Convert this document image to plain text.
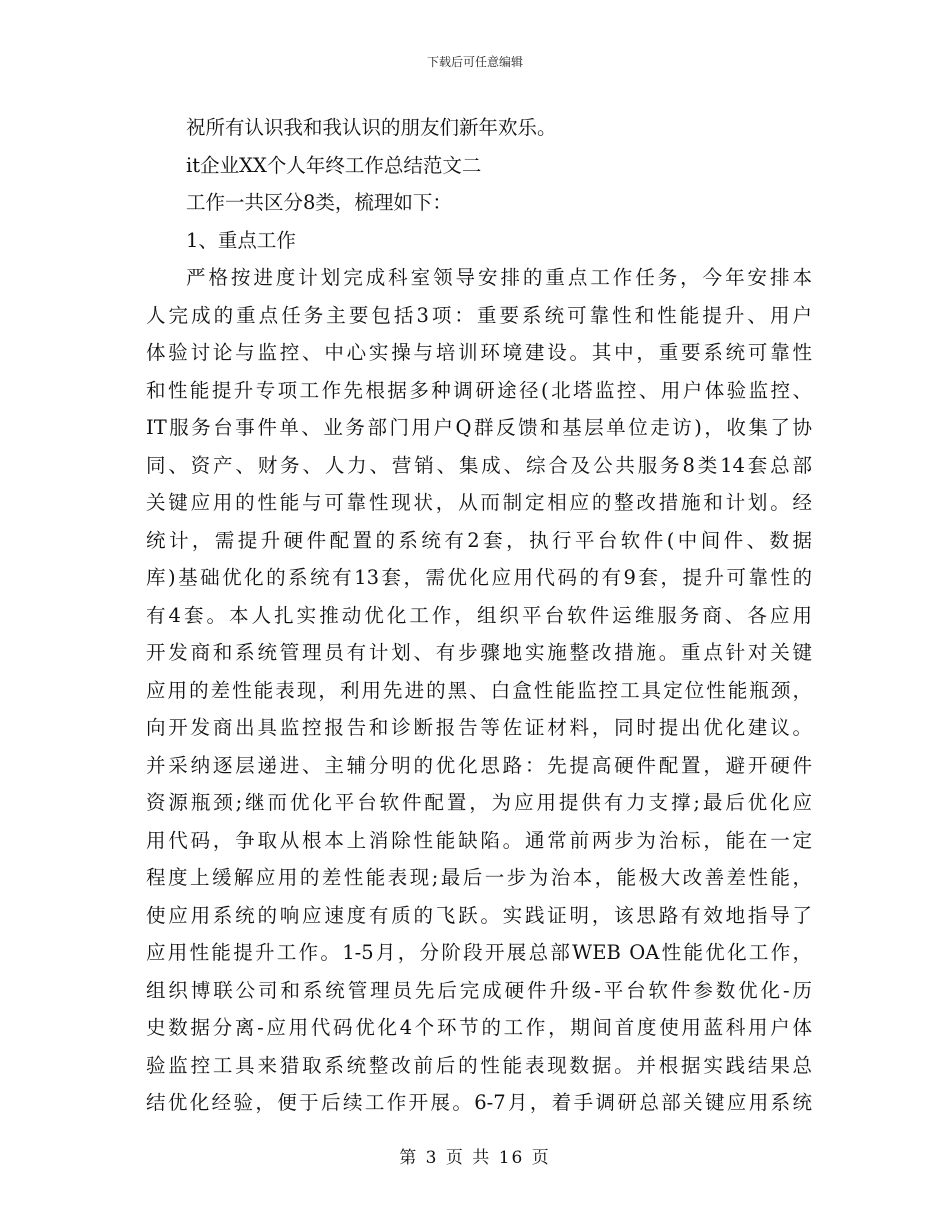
下载后可任意编辑
祝所有认识我和我认识的朋友们新年欢乐。
it企业XX个人年终工作总结范文二
工作一共区分8类，梳理如下：
1、重点工作
严格按进度计划完成科室领导安排的重点工作任务，今年安排本
人完成的重点任务主要包括3项：重要系统可靠性和性能提升、用户
体验讨论与监控、中心实操与培训环境建设。其中，重要系统可靠性
和性能提升专项工作先根据多种调研途径(北塔监控、用户体验监控、
IT服务台事件单、业务部门用户Q群反馈和基层单位走访)，收集了协
同、资产、财务、人力、营销、集成、综合及公共服务8类14套总部
关键应用的性能与可靠性现状，从而制定相应的整改措施和计划。经
统计，需提升硬件配置的系统有2套，执行平台软件(中间件、数据
库)基础优化的系统有13套，需优化应用代码的有9套，提升可靠性的
有4套。本人扎实推动优化工作，组织平台软件运维服务商、各应用
开发商和系统管理员有计划、有步骤地实施整改措施。重点针对关键
应用的差性能表现，利用先进的黑、白盒性能监控工具定位性能瓶颈，
向开发商出具监控报告和诊断报告等佐证材料，同时提出优化建议。
并采纳逐层递进、主辅分明的优化思路：先提高硬件配置，避开硬件
资源瓶颈;继而优化平台软件配置，为应用提供有力支撑;最后优化应
用代码，争取从根本上消除性能缺陷。通常前两步为治标，能在一定
程度上缓解应用的差性能表现;最后一步为治本，能极大改善差性能，
使应用系统的响应速度有质的飞跃。实践证明，该思路有效地指导了
应用性能提升工作。1-5月，分阶段开展总部WEB OA性能优化工作，
组织博联公司和系统管理员先后完成硬件升级-平台软件参数优化-历
史数据分离-应用代码优化4个环节的工作，期间首度使用蓝科用户体
验监控工具来猎取系统整改前后的性能表现数据。并根据实践结果总
结优化经验，便于后续工作开展。6-7月，着手调研总部关键应用系统
第 3 页 共 16 页
